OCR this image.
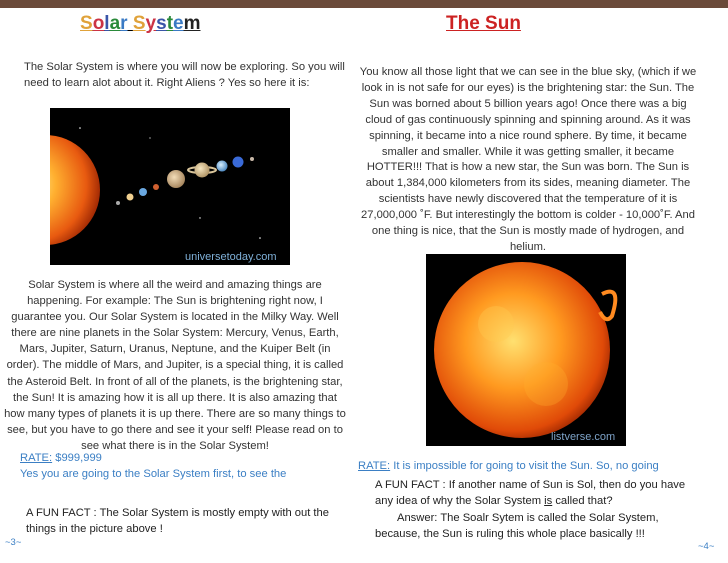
Solar System
The Solar System is where you will now be exploring. So you will need to learn alot about it. Right Aliens ? Yes so here it is:
universetoday.com
Solar System is where all the weird and amazing things are happening. For example: The Sun is brightening right now, I guarantee you. Our Solar System is located in the Milky Way. Well there are nine planets in the Solar System: Mercury, Venus, Earth, Mars, Jupiter, Saturn, Uranus, Neptune, and the Kuiper Belt (in order). The middle of Mars, and Jupiter, is a special thing, it is called the Asteroid Belt. In front of all of the planets, is the brightening star, the Sun! It is amazing how it is all up there. It is also amazing that how many types of planets it is up there. There are so many things to see, but you have to go there and see it your self! Please read on to see what there is in the Solar System!
RATE: $999,999
Yes you are going to the Solar System first, to see the
A FUN FACT : The Solar System is mostly empty with out the things in the picture above !
~3~
The Sun
You know all those light that we can see in the blue sky, (which if we look in is not safe for our eyes) is the brightening star: the Sun. The Sun was borned about 5 billion years ago! Once there was a big cloud of gas continuously spinning and spinning around. As it was spinning, it became into a nice round sphere. By time, it became smaller and smaller. While it was getting smaller, it became HOTTER!!! That is how a new star, the Sun was born. The Sun is about 1,384,000 kilometers from its sides, meaning diameter. The scientists have newly discovered that the temperature of it is 27,000,000 ˚F. But interestingly the bottom is colder - 10,000˚F. And one thing is nice, that the Sun is mostly made of hydrogen, and helium.
listverse.com
RATE: It is impossible for going to visit the Sun. So, no going
A FUN FACT : If another name of Sun is Sol, then do you have any idea of why the Solar System is called that?
Answer: The Soalr Sytem is called the Solar System, because, the Sun is ruling this whole place basically !!!
~4~
